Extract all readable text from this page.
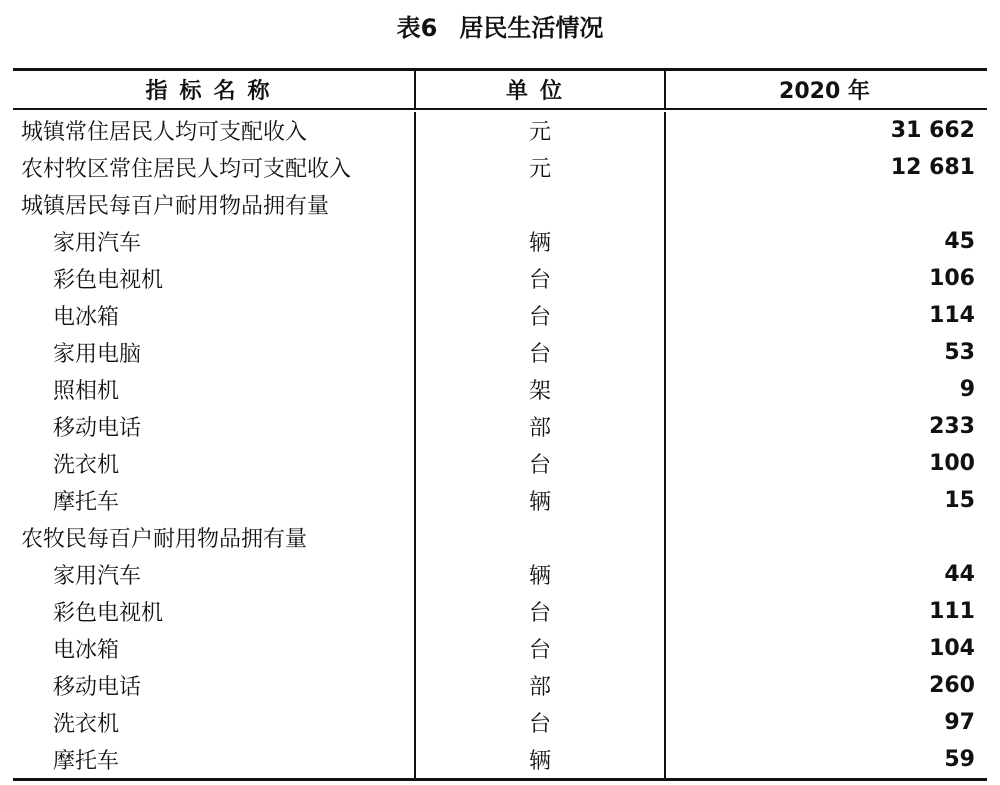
表6 居民生活情况
指标名称	单位	2020 年
城镇常住居民人均可支配收入	元	31 662
农村牧区常住居民人均可支配收入	元	12 681
城镇居民每百户耐用物品拥有量
家用汽车	辆	45
彩色电视机	台	106
电冰箱	台	114
家用电脑	台	53
照相机	架	9
移动电话	部	233
洗衣机	台	100
摩托车	辆	15
农牧民每百户耐用物品拥有量
家用汽车	辆	44
彩色电视机	台	111
电冰箱	台	104
移动电话	部	260
洗衣机	台	97
摩托车	辆	59
